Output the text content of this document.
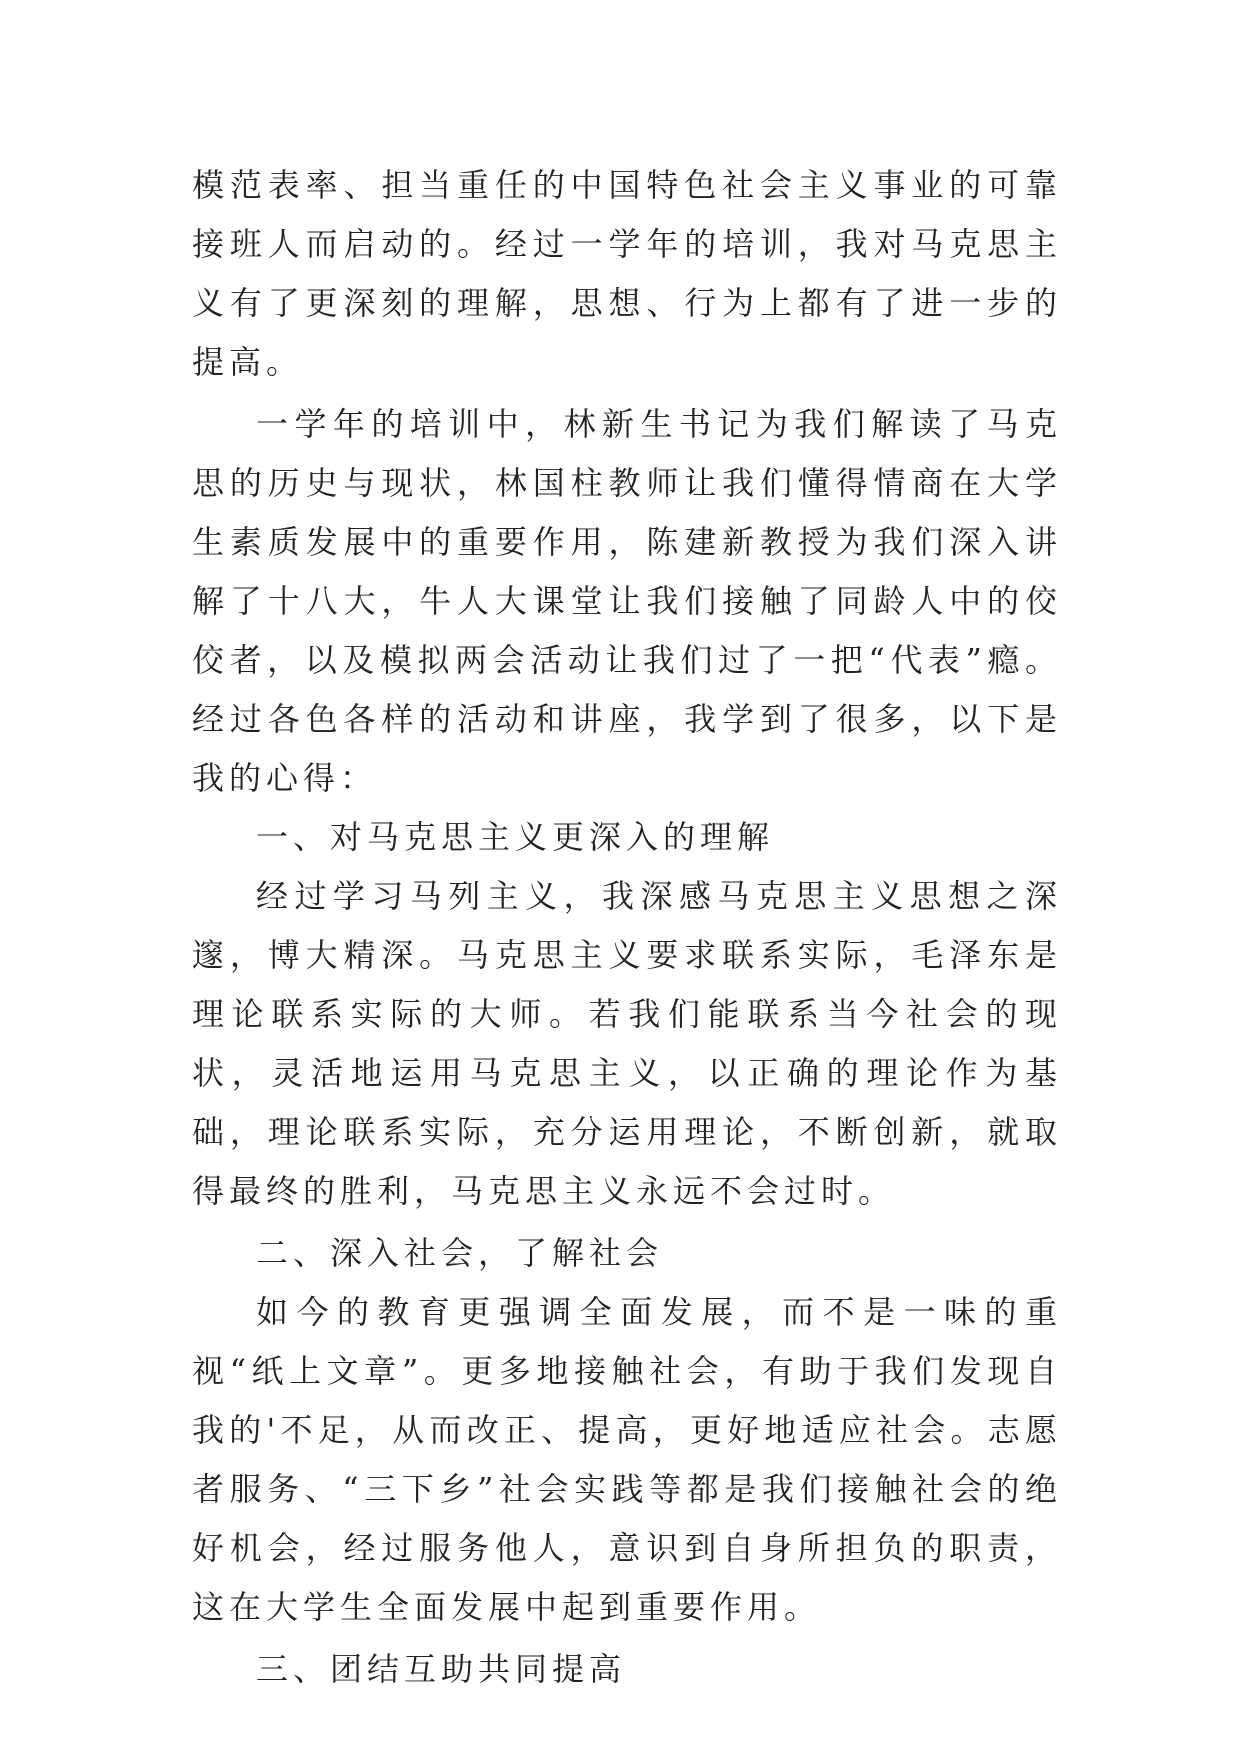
模范表率、担当重任的中国特色社会主义事业的可靠接班人而启动的。经过一学年的培训，我对马克思主义有了更深刻的理解，思想、行为上都有了进一步的提高。

一学年的培训中，林新生书记为我们解读了马克思的历史与现状，林国柱教师让我们懂得情商在大学生素质发展中的重要作用，陈建新教授为我们深入讲解了十八大，牛人大课堂让我们接触了同龄人中的佼佼者，以及模拟两会活动让我们过了一把“代表”瘾。经过各色各样的活动和讲座，我学到了很多，以下是我的心得：

一、对马克思主义更深入的理解

经过学习马列主义，我深感马克思主义思想之深邃，博大精深。马克思主义要求联系实际，毛泽东是理论联系实际的大师。若我们能联系当今社会的现状，灵活地运用马克思主义，以正确的理论作为基础，理论联系实际，充分运用理论，不断创新，就取得最终的胜利，马克思主义永远不会过时。

二、深入社会，了解社会

如今的教育更强调全面发展，而不是一味的重视“纸上文章”。更多地接触社会，有助于我们发现自我的'不足，从而改正、提高，更好地适应社会。志愿者服务、“三下乡”社会实践等都是我们接触社会的绝好机会，经过服务他人，意识到自身所担负的职责，这在大学生全面发展中起到重要作用。

三、团结互助共同提高
